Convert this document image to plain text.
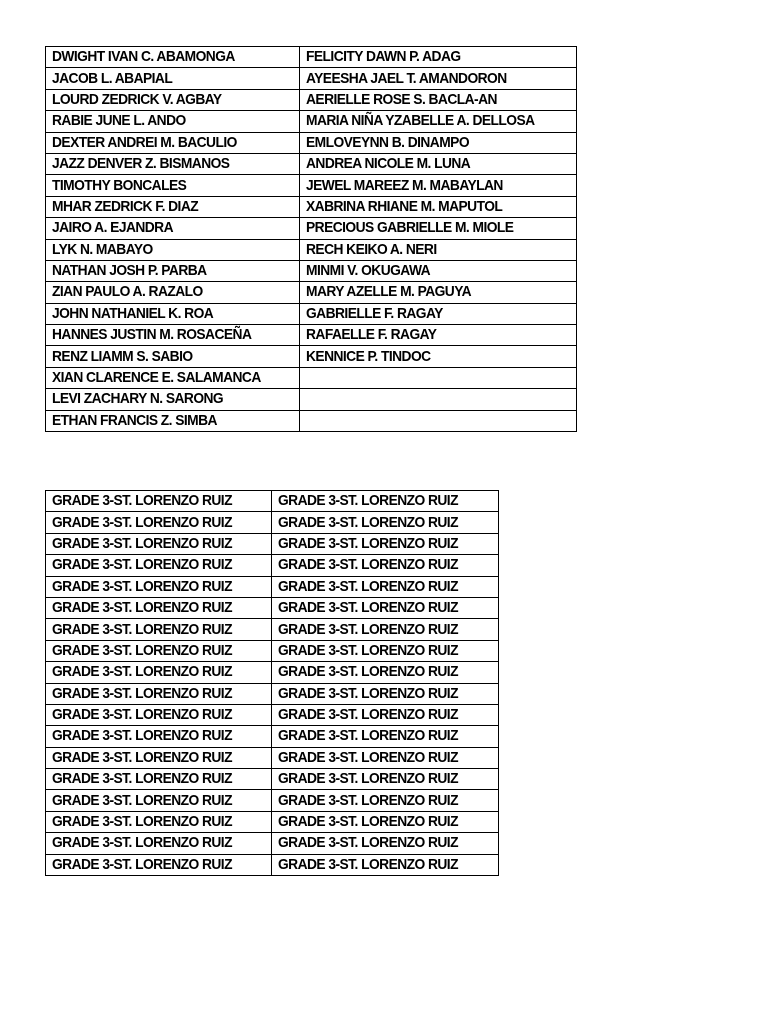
DWIGHT IVAN C. ABAMONGA	FELICITY DAWN P. ADAG
JACOB L. ABAPIAL	AYEESHA JAEL T. AMANDORON
LOURD ZEDRICK V. AGBAY	AERIELLE ROSE S. BACLA-AN
RABIE JUNE L. ANDO	MARIA NIÑA YZABELLE A. DELLOSA
DEXTER ANDREI M. BACULIO	EMLOVEYNN B. DINAMPO
JAZZ DENVER Z. BISMANOS	ANDREA NICOLE M. LUNA
TIMOTHY BONCALES	JEWEL MAREEZ M. MABAYLAN
MHAR ZEDRICK F. DIAZ	XABRINA RHIANE M. MAPUTOL
JAIRO A. EJANDRA	PRECIOUS GABRIELLE M. MIOLE
LYK N. MABAYO	RECH KEIKO A. NERI
NATHAN JOSH P. PARBA	MINMI V. OKUGAWA
ZIAN PAULO A. RAZALO	MARY AZELLE M. PAGUYA
JOHN NATHANIEL K. ROA	GABRIELLE F. RAGAY
HANNES JUSTIN M. ROSACEÑA	RAFAELLE F. RAGAY
RENZ LIAMM S. SABIO	KENNICE P. TINDOC
XIAN CLARENCE E. SALAMANCA	
LEVI ZACHARY N. SARONG	
ETHAN FRANCIS Z. SIMBA	
GRADE 3-ST. LORENZO RUIZ	GRADE 3-ST. LORENZO RUIZ
GRADE 3-ST. LORENZO RUIZ	GRADE 3-ST. LORENZO RUIZ
GRADE 3-ST. LORENZO RUIZ	GRADE 3-ST. LORENZO RUIZ
GRADE 3-ST. LORENZO RUIZ	GRADE 3-ST. LORENZO RUIZ
GRADE 3-ST. LORENZO RUIZ	GRADE 3-ST. LORENZO RUIZ
GRADE 3-ST. LORENZO RUIZ	GRADE 3-ST. LORENZO RUIZ
GRADE 3-ST. LORENZO RUIZ	GRADE 3-ST. LORENZO RUIZ
GRADE 3-ST. LORENZO RUIZ	GRADE 3-ST. LORENZO RUIZ
GRADE 3-ST. LORENZO RUIZ	GRADE 3-ST. LORENZO RUIZ
GRADE 3-ST. LORENZO RUIZ	GRADE 3-ST. LORENZO RUIZ
GRADE 3-ST. LORENZO RUIZ	GRADE 3-ST. LORENZO RUIZ
GRADE 3-ST. LORENZO RUIZ	GRADE 3-ST. LORENZO RUIZ
GRADE 3-ST. LORENZO RUIZ	GRADE 3-ST. LORENZO RUIZ
GRADE 3-ST. LORENZO RUIZ	GRADE 3-ST. LORENZO RUIZ
GRADE 3-ST. LORENZO RUIZ	GRADE 3-ST. LORENZO RUIZ
GRADE 3-ST. LORENZO RUIZ	GRADE 3-ST. LORENZO RUIZ
GRADE 3-ST. LORENZO RUIZ	GRADE 3-ST. LORENZO RUIZ
GRADE 3-ST. LORENZO RUIZ	GRADE 3-ST. LORENZO RUIZ
